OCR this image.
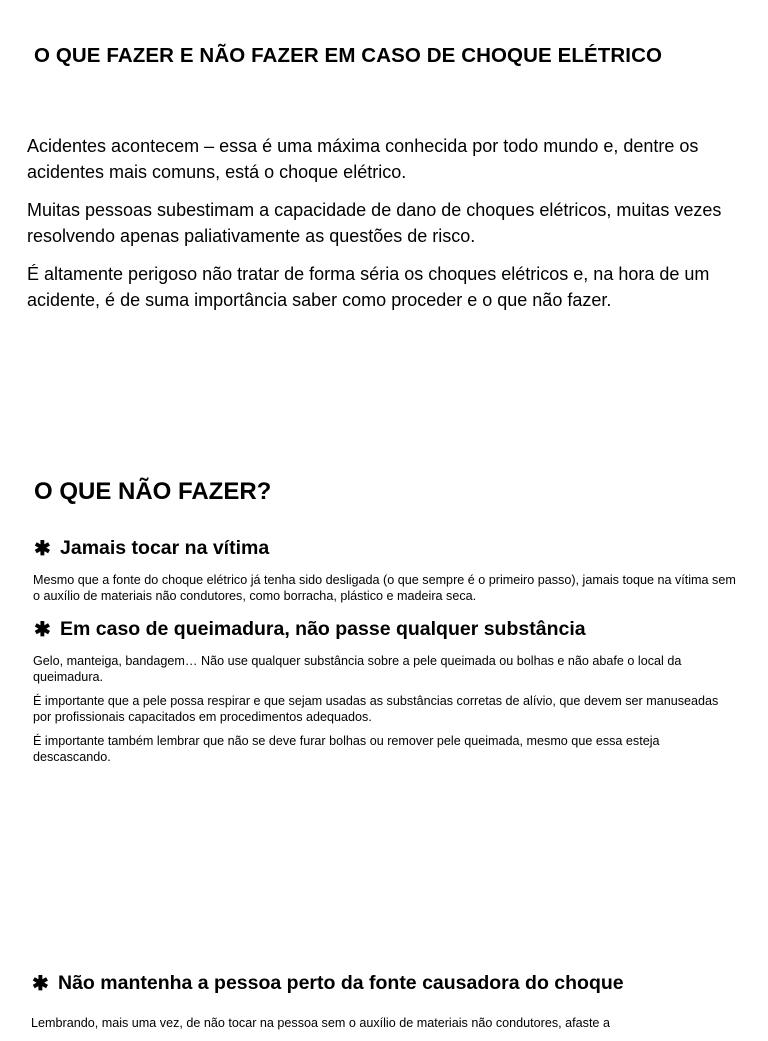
O QUE FAZER E NÃO FAZER EM CASO DE CHOQUE ELÉTRICO

Acidentes acontecem – essa é uma máxima conhecida por todo mundo e, dentre os acidentes mais comuns, está o choque elétrico.

Muitas pessoas subestimam a capacidade de dano de choques elétricos, muitas vezes resolvendo apenas paliativamente as questões de risco.

É altamente perigoso não tratar de forma séria os choques elétricos e, na hora de um acidente, é de suma importância saber como proceder e o que não fazer.

O QUE NÃO FAZER?
✱ Jamais tocar na vítima

Mesmo que a fonte do choque elétrico já tenha sido desligada (o que sempre é o primeiro passo), jamais toque na vítima sem o auxílio de materiais não condutores, como borracha, plástico e madeira seca.

✱ Em caso de queimadura, não passe qualquer substância

Gelo, manteiga, bandagem… Não use qualquer substância sobre a pele queimada ou bolhas e não abafe o local da queimadura.

É importante que a pele possa respirar e que sejam usadas as substâncias corretas de alívio, que devem ser manuseadas por profissionais capacitados em procedimentos adequados.

É importante também lembrar que não se deve furar bolhas ou remover pele queimada, mesmo que essa esteja descascando.

✱ Não mantenha a pessoa perto da fonte causadora do choque

Lembrando, mais uma vez, de não tocar na pessoa sem o auxílio de materiais não condutores, afaste a
